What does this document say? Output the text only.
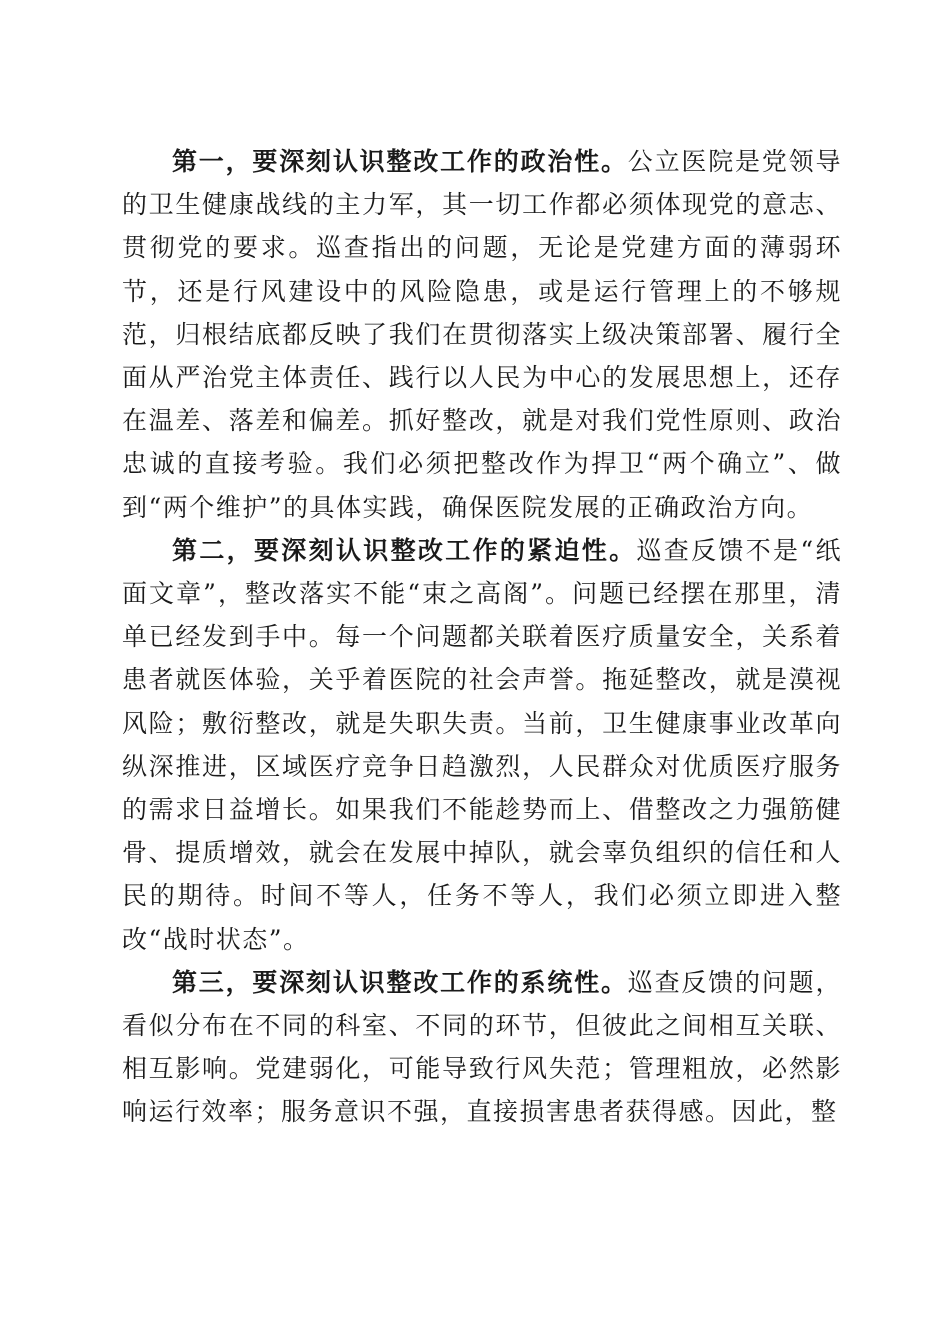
第一，要深刻认识整改工作的政治性。公立医院是党领导的卫生健康战线的主力军，其一切工作都必须体现党的意志、贯彻党的要求。巡查指出的问题，无论是党建方面的薄弱环节，还是行风建设中的风险隐患，或是运行管理上的不够规范，归根结底都反映了我们在贯彻落实上级决策部署、履行全面从严治党主体责任、践行以人民为中心的发展思想上，还存在温差、落差和偏差。抓好整改，就是对我们党性原则、政治忠诚的直接考验。我们必须把整改作为捍卫“两个确立”、做到“两个维护”的具体实践，确保医院发展的正确政治方向。

第二，要深刻认识整改工作的紧迫性。巡查反馈不是“纸面文章”，整改落实不能“束之高阁”。问题已经摆在那里，清单已经发到手中。每一个问题都关联着医疗质量安全，关系着患者就医体验，关乎着医院的社会声誉。拖延整改，就是漠视风险；敷衍整改，就是失职失责。当前，卫生健康事业改革向纵深推进，区域医疗竞争日趋激烈，人民群众对优质医疗服务的需求日益增长。如果我们不能趁势而上、借整改之力强筋健骨、提质增效，就会在发展中掉队，就会辜负组织的信任和人民的期待。时间不等人，任务不等人，我们必须立即进入整改“战时状态”。

第三，要深刻认识整改工作的系统性。巡查反馈的问题，看似分布在不同的科室、不同的环节，但彼此之间相互关联、相互影响。党建弱化，可能导致行风失范；管理粗放，必然影响运行效率；服务意识不强，直接损害患者获得感。因此，整
